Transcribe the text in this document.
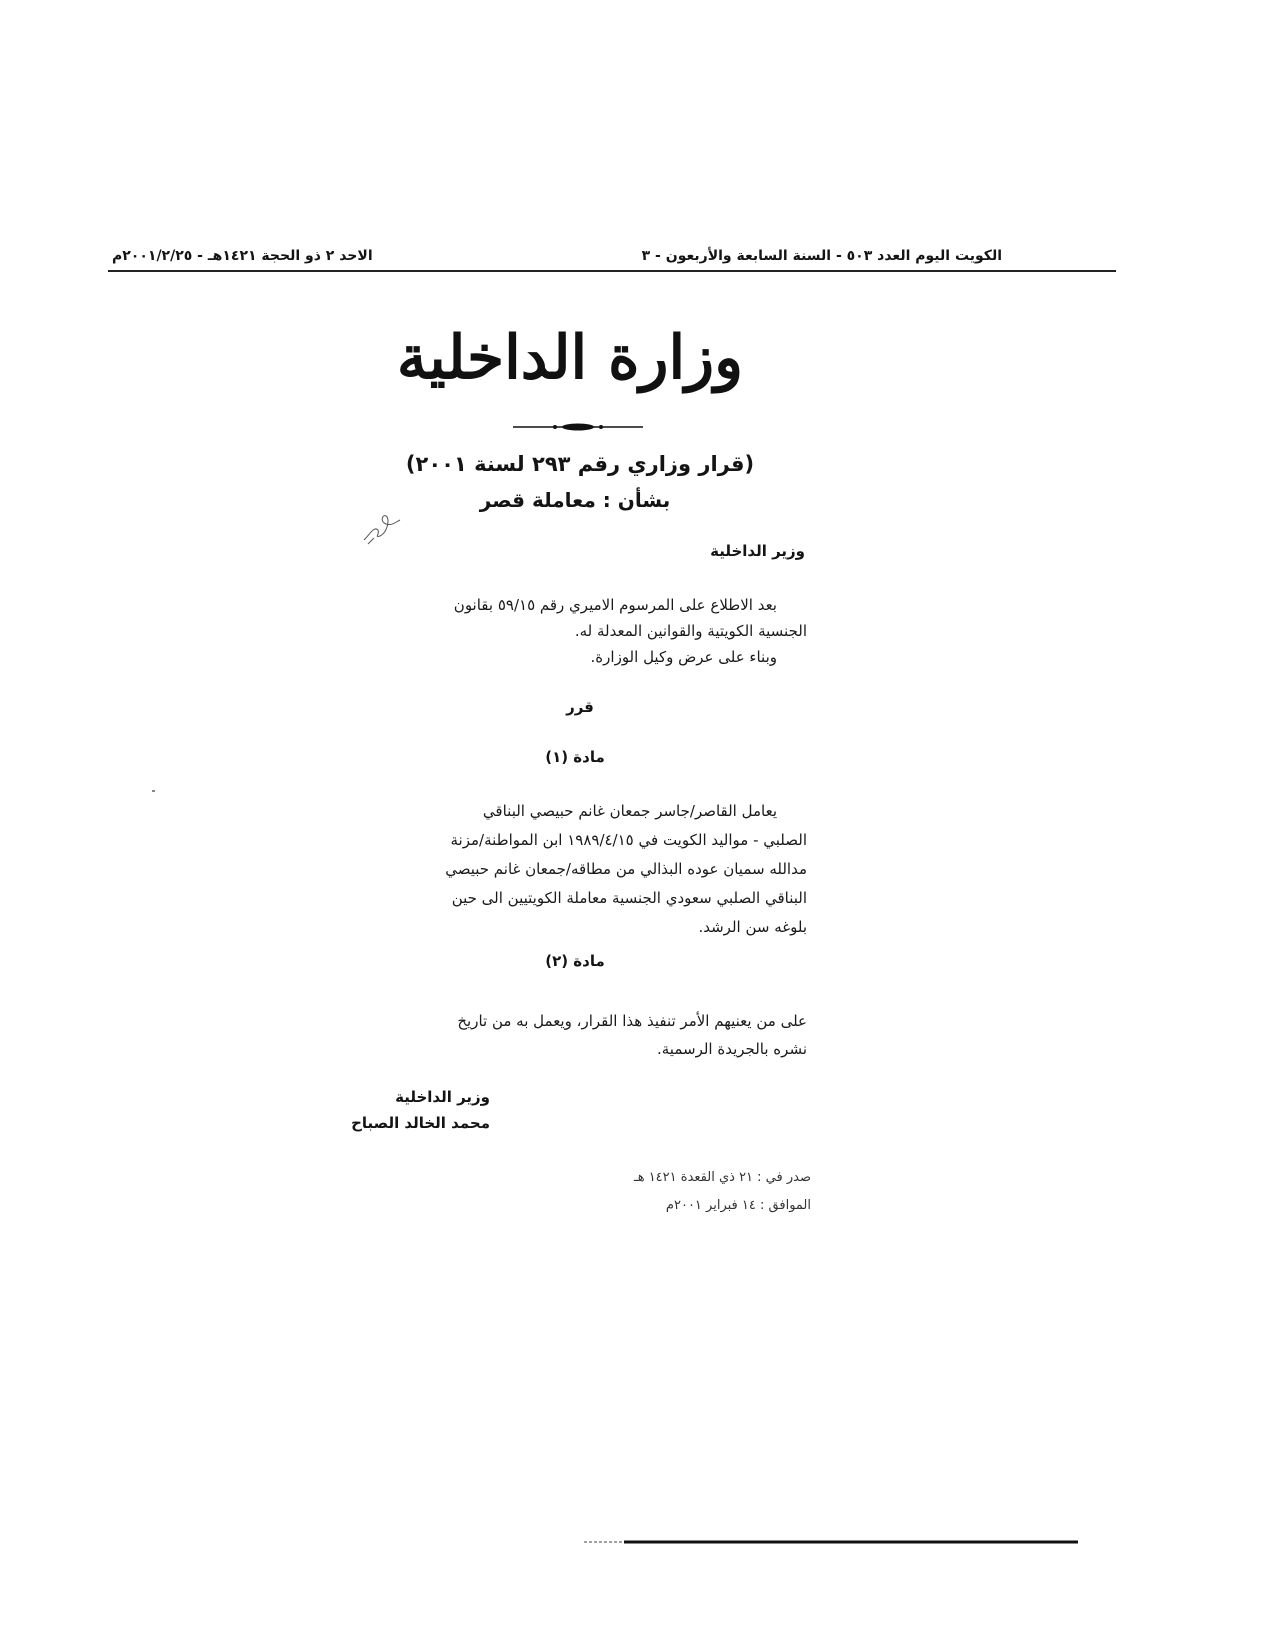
الكويت اليوم العدد ٥٠٣ - السنة السابعة والأربعون - ٣
الاحد ٢ ذو الحجة ١٤٢١هـ - ٢٠٠١/٢/٢٥م
وزارة الداخلية
(قرار وزاري رقم ٢٩٣ لسنة ٢٠٠١)
بشأن : معاملة قصر
وزير الداخلية
بعد الاطلاع على المرسوم الاميري رقم ٥٩/١٥ بقانون
الجنسية الكويتية والقوانين المعدلة له.
وبناء على عرض وكيل الوزارة.
قرر
مادة (١)
يعامل القاصر/جاسر جمعان غانم حبيصي البناقي
الصلبي - مواليد الكويت في ١٩٨٩/٤/١٥ ابن المواطنة/مزنة
مدالله سميان عوده البذالي من مطاقه/جمعان غانم حبيصي
البناقي الصلبي سعودي الجنسية معاملة الكويتيين الى حين
بلوغه سن الرشد.
مادة (٢)
على من يعنيهم الأمر تنفيذ هذا القرار، ويعمل به من تاريخ
نشره بالجريدة الرسمية.
وزير الداخلية
محمد الخالد الصباح
صدر في : ٢١ ذي القعدة ١٤٢١ هـ
الموافق : ١٤ فبراير ٢٠٠١م
